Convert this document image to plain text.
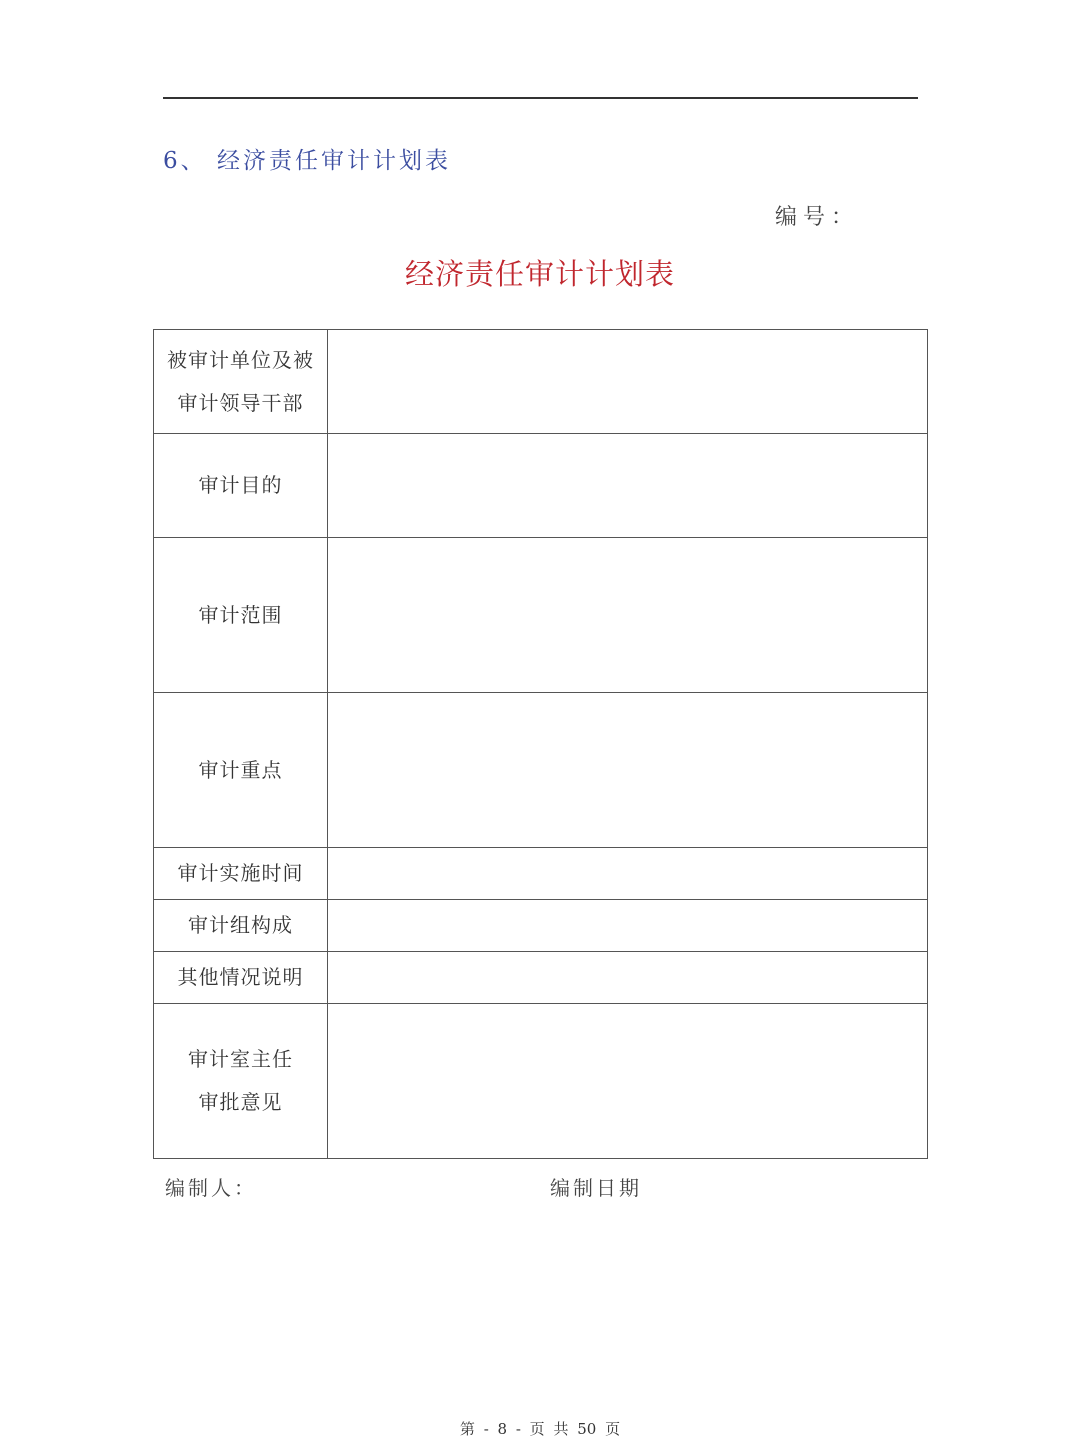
6、 经济责任审计计划表
编号：
经济责任审计计划表
被审计单位及被审计领导干部	
审计目的	
审计范围	
审计重点	
审计实施时间	
审计组构成	
其他情况说明	
审计室主任审批意见	
编制人：	编制日期
第 - 8 - 页 共 50 页
